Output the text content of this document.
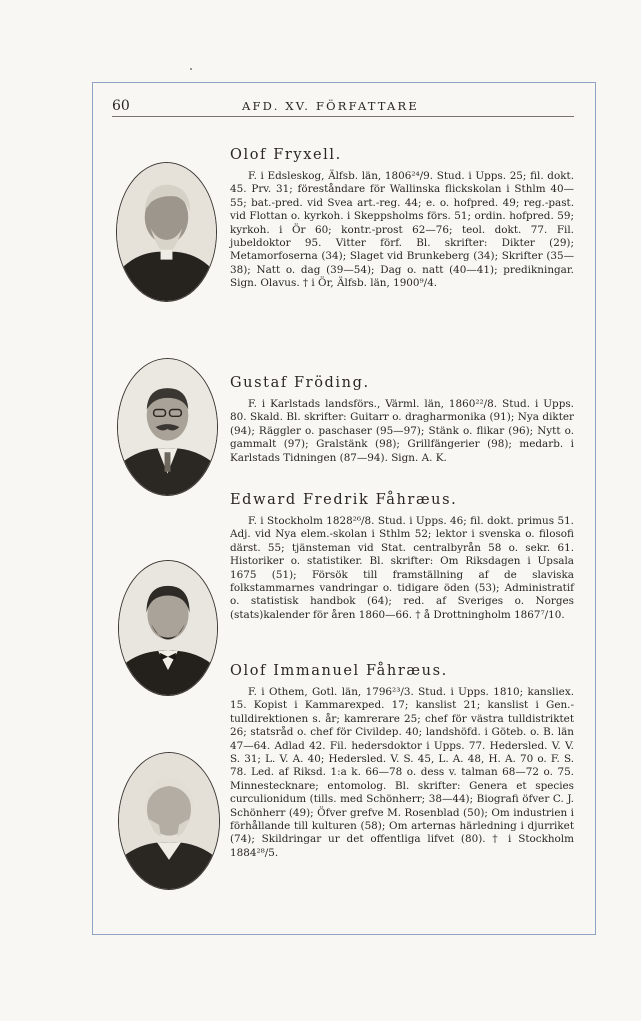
60	AFD. XV. FÖRFATTARE
Olof Fryxell.

F. i Edsleskog, Älfsb. län, 1806²⁴/9. Stud. i Upps. 25; fil. dokt. 45. Prv. 31; föreståndare för Wallinska flickskolan i Sthlm 40—55; bat.-pred. vid Svea art.-reg. 44; e. o. hofpred. 49; reg.-past. vid Flottan o. kyrkoh. i Skeppsholms förs. 51; ordin. hofpred. 59; kyrkoh. i Ör 60; kontr.-prost 62—76; teol. dokt. 77. Fil. jubeldoktor 95. Vitter förf. Bl. skrifter: Dikter (29); Metamorfoserna (34); Slaget vid Brunkeberg (34); Skrifter (35—38); Natt o. dag (39—54); Dag o. natt (40—41); predikningar. Sign. Olavus. † i Ör, Älfsb. län, 1900⁹/4.

Gustaf Fröding.

F. i Karlstads landsförs., Värml. län, 1860²²/8. Stud. i Upps. 80. Skald. Bl. skrifter: Guitarr o. dragharmonika (91); Nya dikter (94); Räggler o. paschaser (95—97); Stänk o. flikar (96); Nytt o. gammalt (97); Gralstänk (98); Grillfängerier (98); medarb. i Karlstads Tidningen (87—94). Sign. A. K.

Edward Fredrik Fåhræus.

F. i Stockholm 1828²⁶/8. Stud. i Upps. 46; fil. dokt. primus 51. Adj. vid Nya elem.-skolan i Sthlm 52; lektor i svenska o. filosofi därst. 55; tjänsteman vid Stat. centralbyrån 58 o. sekr. 61. Historiker o. statistiker. Bl. skrifter: Om Riksdagen i Upsala 1675 (51); Försök till framställning af de slaviska folkstammarnes vandringar o. tidigare öden (53); Administratif o. statistisk handbok (64); red. af Sveriges o. Norges (stats)kalender för åren 1860—66. † å Drottningholm 1867⁷/10.

Olof Immanuel Fåhræus.

F. i Othem, Gotl. län, 1796²³/3. Stud. i Upps. 1810; kansliex. 15. Kopist i Kammarexped. 17; kanslist 21; kanslist i Gen.-tulldirektionen s. år; kamrerare 25; chef för västra tulldistriktet 26; statsråd o. chef för Civildep. 40; landshöfd. i Göteb. o. B. län 47—64. Adlad 42. Fil. hedersdoktor i Upps. 77. Hedersled. V. V. S. 31; L. V. A. 40; Hedersled. V. S. 45, L. A. 48, H. A. 70 o. F. S. 78. Led. af Riksd. 1:a k. 66—78 o. dess v. talman 68—72 o. 75. Minnestecknare; entomolog. Bl. skrifter: Genera et species curculionidum (tills. med Schönherr; 38—44); Biografi öfver C. J. Schönherr (49); Öfver grefve M. Rosenblad (50); Om industrien i förhållande till kulturen (58); Om arternas härledning i djurriket (74); Skildringar ur det offentliga lifvet (80). † i Stockholm 1884²⁸/5.
